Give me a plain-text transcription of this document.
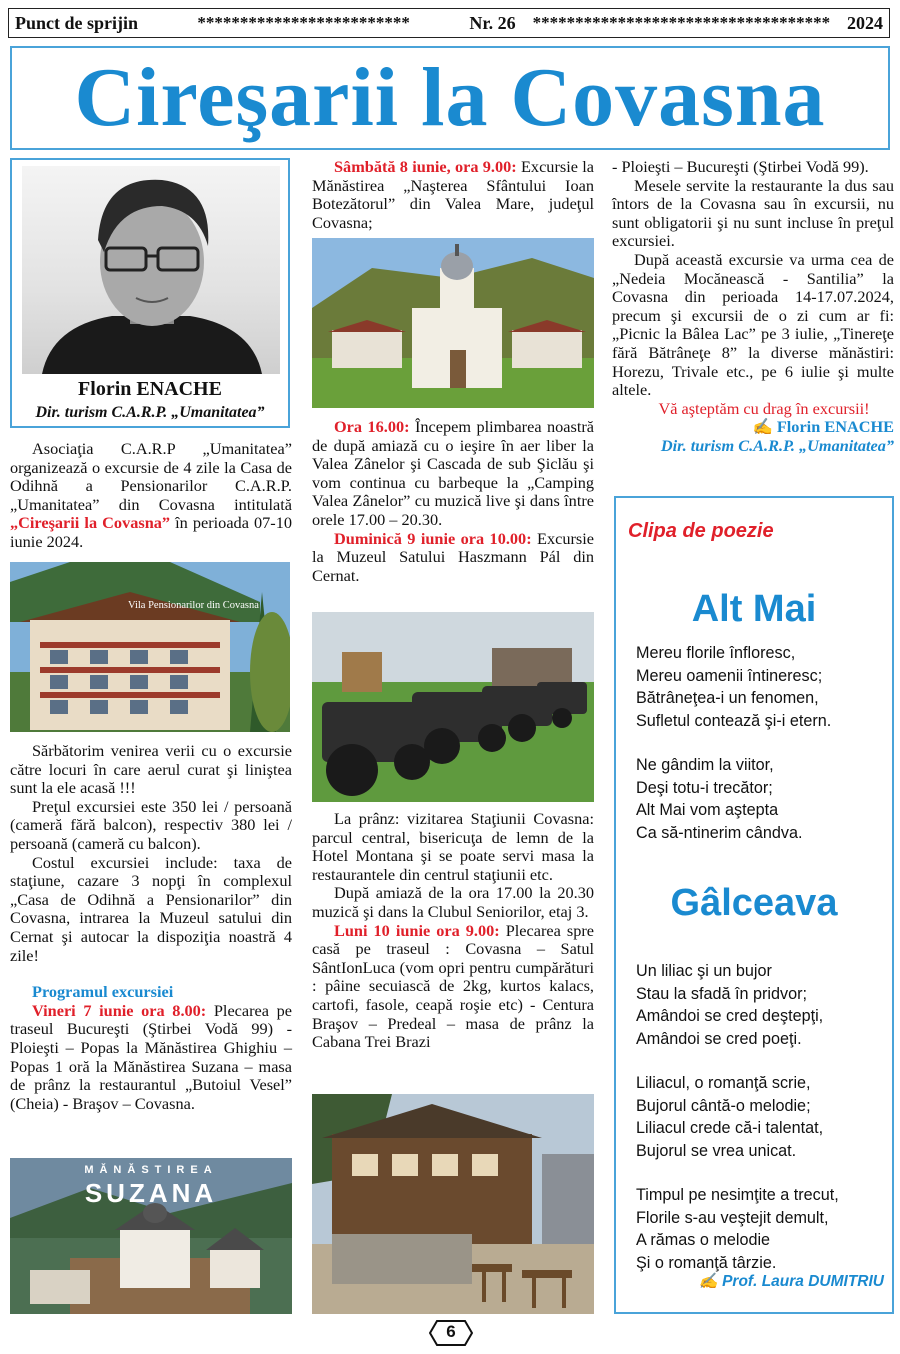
Punct de sprijin	*************************	Nr. 26 *********************************** 2024
Cireşarii la Covasna
Florin ENACHE
Dir. turism C.A.R.P. „Umanitatea”

Asociaţia C.A.R.P „Umanitatea” organizează o excursie de 4 zile la Casa de Odihnă a Pensionarilor C.A.R.P. „Umanitatea” din Covasna intitulată „Cireşarii la Covasna” în perioada 07-10 iunie 2024.

Vila Pensionarilor din Covasna

Sărbătorim venirea verii cu o excursie către locuri în care aerul curat şi liniştea sunt la ele acasă !!!

Preţul excursiei este 350 lei / persoană (cameră fără balcon), respectiv 380 lei / persoană (cameră cu balcon).

Costul excursiei include: taxa de staţiune, cazare 3 nopţi în complexul „Casa de Odihnă a Pensionarilor” din Covasna, intrarea la Muzeul satului din Cernat şi autocar la dispoziţia noastră 4 zile!

Programul excursiei

Vineri 7 iunie ora 8.00: Plecarea pe traseul Bucureşti (Ştirbei Vodă 99) - Ploieşti – Popas la Mănăstirea Ghighiu – Popas 1 oră la Mănăstirea Suzana – masa de prânz la restaurantul „Butoiul Vesel” (Cheia) - Braşov – Covasna.

MĂNĂSTIREA
SUZANA

Sâmbătă 8 iunie, ora 9.00: Excursie la Mănăstirea „Naşterea Sfântului Ioan Botezătorul” din Valea Mare, judeţul Covasna;

Ora 16.00: Începem plimbarea noastră de după amiază cu o ieşire în aer liber la Valea Zânelor şi Cascada de sub Şiclău şi vom continua cu barbeque la „Camping Valea Zânelor” cu muzică live şi dans între orele 17.00 – 20.30.

Duminică 9 iunie ora 10.00: Excursie la Muzeul Satului Haszmann Pál din Cernat.

La prânz: vizitarea Staţiunii Covasna: parcul central, bisericuţa de lemn de la Hotel Montana şi se poate servi masa la restaurantele din centrul staţiunii etc.

După amiază de la ora 17.00 la 20.30 muzică şi dans la Clubul Seniorilor, etaj 3.

Luni 10 iunie ora 9.00: Plecarea spre casă pe traseul : Covasna – Satul SântIonLuca (vom opri pentru cumpărături : pâine secuiască de 2kg, kurtos kalacs, cartofi, fasole, ceapă roşie etc) - Centura Braşov – Predeal – masa de prânz la Cabana Trei Brazi

- Ploieşti – Bucureşti (Ştirbei Vodă 99).

Mesele servite la restaurante la dus sau întors de la Covasna sau în excursii, nu sunt obligatorii şi nu sunt incluse în preţul excursiei.

După această excursie va urma cea de „Nedeia Mocănească - Santilia” la Covasna din perioada 14-17.07.2024, precum şi excursii de o zi cum ar fi: „Picnic la Bâlea Lac” pe 3 iulie, „Tinereţe fără Bătrâneţe 8” la diverse mănăstiri: Horezu, Trivale etc., pe 6 iulie şi multe altele.

Vă aşteptăm cu drag în excursii!

✍ Florin ENACHE
Dir. turism C.A.R.P. „Umanitatea”
Clipa de poezie
Alt Mai
Mereu florile înfloresc,
Mereu oamenii întineresc;
Bătrâneţea-i un fenomen,
Sufletul contează şi-i etern.
Ne gândim la viitor,
Deşi totu-i trecător;
Alt Mai vom aştepta
Ca să-ntinerim cândva.
Gâlceava
Un liliac şi un bujor
Stau la sfadă în pridvor;
Amândoi se cred deştepţi,
Amândoi se cred poeţi.
Liliacul, o romanţă scrie,
Bujorul cântă-o melodie;
Liliacul crede că-i talentat,
Bujorul se vrea unicat.
Timpul pe nesimţite a trecut,
Florile s-au veştejit demult,
A rămas o melodie
Şi o romanţă târzie.
✍ Prof. Laura DUMITRIU
6
